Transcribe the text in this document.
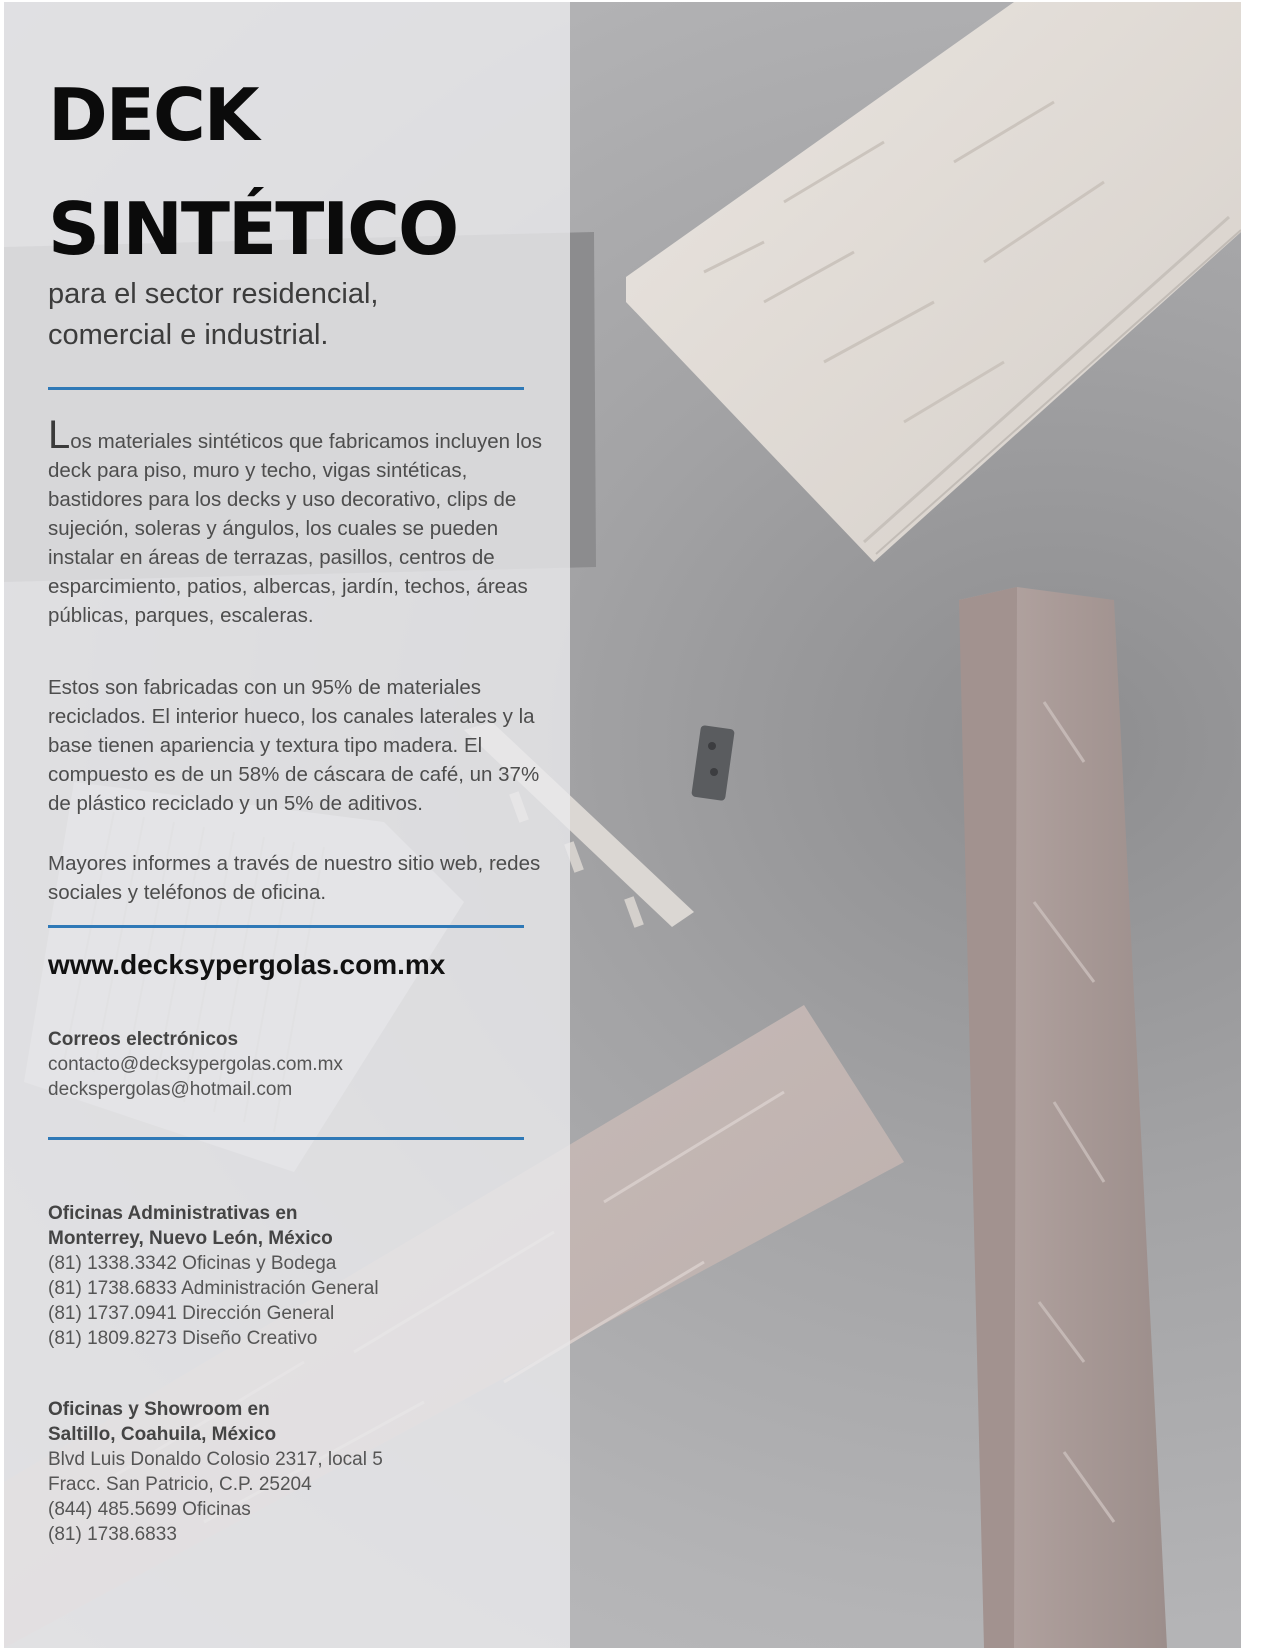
DECK
SINTÉTICO

para el sector residencial,
comercial e industrial.

Los materiales sintéticos que fabricamos incluyen los deck para piso, muro y techo, vigas sintéticas, bastidores para los decks y uso decorativo, clips de sujeción, soleras y ángulos, los cuales se pueden instalar en áreas de terrazas, pasillos, centros de esparcimiento, patios, albercas, jardín, techos, áreas públicas, parques, escaleras.

Estos son fabricadas con un 95% de materiales reciclados. El interior hueco, los canales laterales y la base tienen apariencia y textura tipo madera. El compuesto es de un 58% de cáscara de café, un 37% de plástico reciclado y un 5% de aditivos.

Mayores informes a través de nuestro sitio web, redes sociales y teléfonos de oficina.

www.decksypergolas.com.mx

Correos electrónicos
contacto@decksypergolas.com.mx
deckspergolas@hotmail.com
Oficinas Administrativas en
Monterrey, Nuevo León, México
(81) 1338.3342 Oficinas y Bodega
(81) 1738.6833 Administración General
(81) 1737.0941 Dirección General
(81) 1809.8273 Diseño Creativo
Oficinas y Showroom en
Saltillo, Coahuila, México
Blvd Luis Donaldo Colosio 2317, local 5
Fracc. San Patricio, C.P. 25204
(844) 485.5699 Oficinas
(81) 1738.6833
